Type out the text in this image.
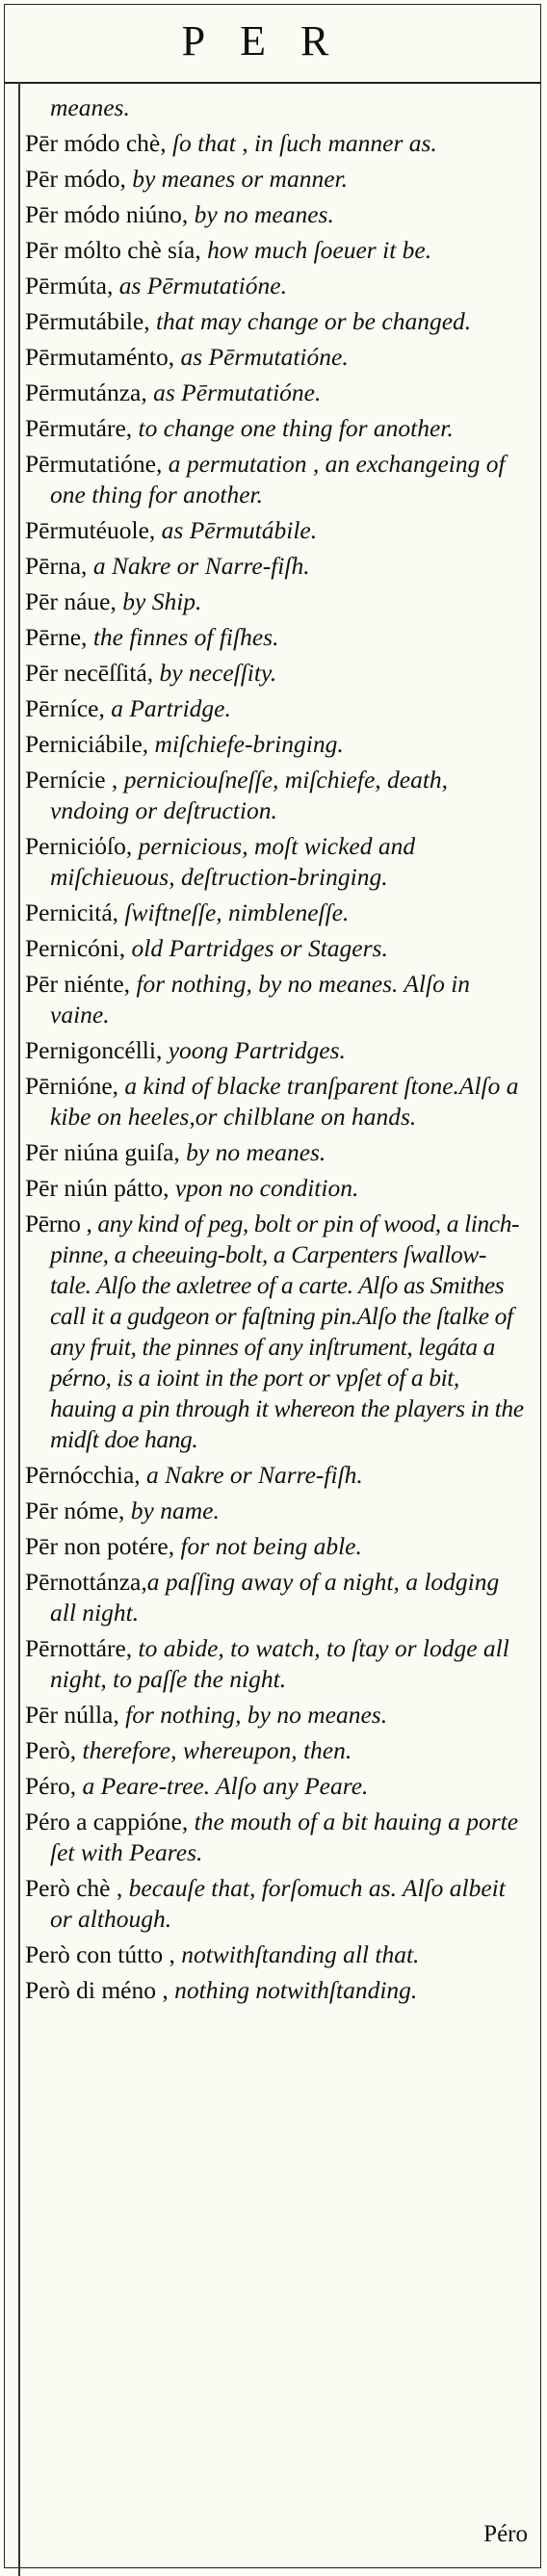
PER
meanes.
Pēr módo chè, ſo that , in ſuch manner as.
Pēr módo, by meanes or manner.
Pēr módo niúno, by no meanes.
Pēr mólto chè sía, how much ſoeuer it be.
Pērmúta, as Pērmutatióne.
Pērmutábile, that may change or be changed.
Pērmutaménto, as Pērmutatióne.
Pērmutánza, as Pērmutatióne.
Pērmutáre, to change one thing for another.
Pērmutatióne, a permutation , an exchangeing of one thing for another.
Pērmutéuole, as Pērmutábile.
Pērna, a Nakre or Narre-fiſh.
Pēr náue, by Ship.
Pērne, the finnes of fiſhes.
Pēr necēſſitá, by neceſſity.
Pērníce, a Partridge.
Perniciábile, miſchiefe-bringing.
Pernície , perniciouſneſſe, miſchiefe, death, vndoing or deſtruction.
Perniciόſo, pernicious, moſt wicked and miſchieuous, deſtruction-bringing.
Pernicitá, ſwiftneſſe, nimbleneſſe.
Pernicóni, old Partridges or Stagers.
Pēr niénte, for nothing, by no meanes. Alſo in vaine.
Pernigoncélli, yoong Partridges.
Pērnióne, a kind of blacke tranſparent ſtone.Alſo a kibe on heeles,or chilblane on hands.
Pēr niúna guiſa, by no meanes.
Pēr niún pátto, vpon no condition.
Pērno , any kind of peg, bolt or pin of wood, a linch-pinne, a cheeuing-bolt, a Carpenters ſwallow-tale. Alſo the axletree of a carte. Alſo as Smithes call it a gudgeon or faſtning pin.Alſo the ſtalke of any fruit, the pinnes of any inſtrument, legáta a pérno, is a ioint in the port or vpſet of a bit, hauing a pin through it whereon the players in the midſt doe hang.
Pērnócchia, a Nakre or Narre-fiſh.
Pēr nóme, by name.
Pēr non potére, for not being able.
Pērnottánza,a paſſing away of a night, a lodging all night.
Pērnottáre, to abide, to watch, to ſtay or lodge all night, to paſſe the night.
Pēr núlla, for nothing, by no meanes.
Però, therefore, whereupon, then.
Péro, a Peare-tree. Alſo any Peare.
Péro a cappióne, the mouth of a bit hauing a porte ſet with Peares.
Però chè , becauſe that, forſomuch as. Alſo albeit or although.
Però con tútto , notwithſtanding all that.
Però di méno , nothing notwithſtanding.
Péro
